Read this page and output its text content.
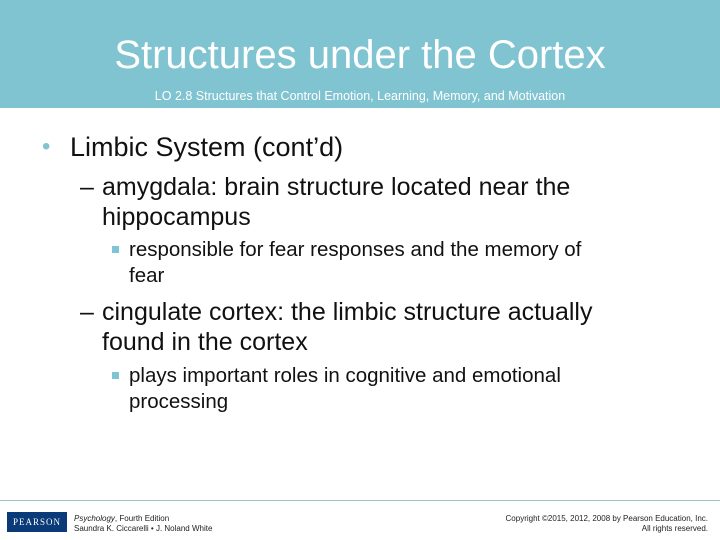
Structures under the Cortex
LO 2.8 Structures that Control Emotion, Learning, Memory, and Motivation
• Limbic System (cont’d)
– amygdala: brain structure located near the
hippocampus
responsible for fear responses and the memory of
fear
– cingulate cortex: the limbic structure actually
found in the cortex
plays important roles in cognitive and emotional
processing
PEARSON	Psychology, Fourth Edition
Saundra K. Ciccarelli • J. Noland White
Copyright ©2015, 2012, 2008 by Pearson Education, Inc.
All rights reserved.
